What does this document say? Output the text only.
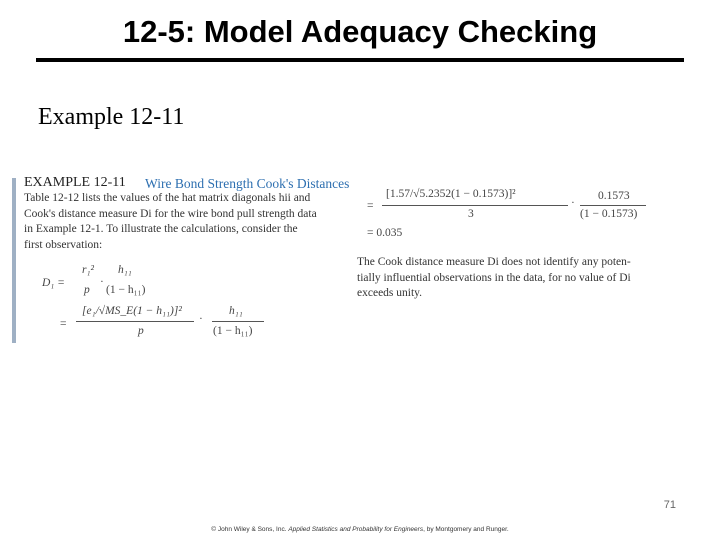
12-5: Model Adequacy Checking
Example 12-11
EXAMPLE 12-11 Wire Bond Strength Cook's Distances
Table 12-12 lists the values of the hat matrix diagonals hii and
Cook's distance measure Di for the wire bond pull strength data
in Example 12-1. To illustrate the calculations, consider the
first observation:
D₁ =
r₁²
p
·
h₁₁
(1 − h₁₁)
=
[e₁/√MS_E(1 − h₁₁)]²
p
·
h₁₁
(1 − h₁₁)
=
[1.57/√5.2352(1 − 0.1573)]²
3
·
0.1573
(1 − 0.1573)
= 0.035
The Cook distance measure Di does not identify any poten-
tially influential observations in the data, for no value of Di
exceeds unity.
71
© John Wiley & Sons, Inc. Applied Statistics and Probability for Engineers, by Montgomery and Runger.
